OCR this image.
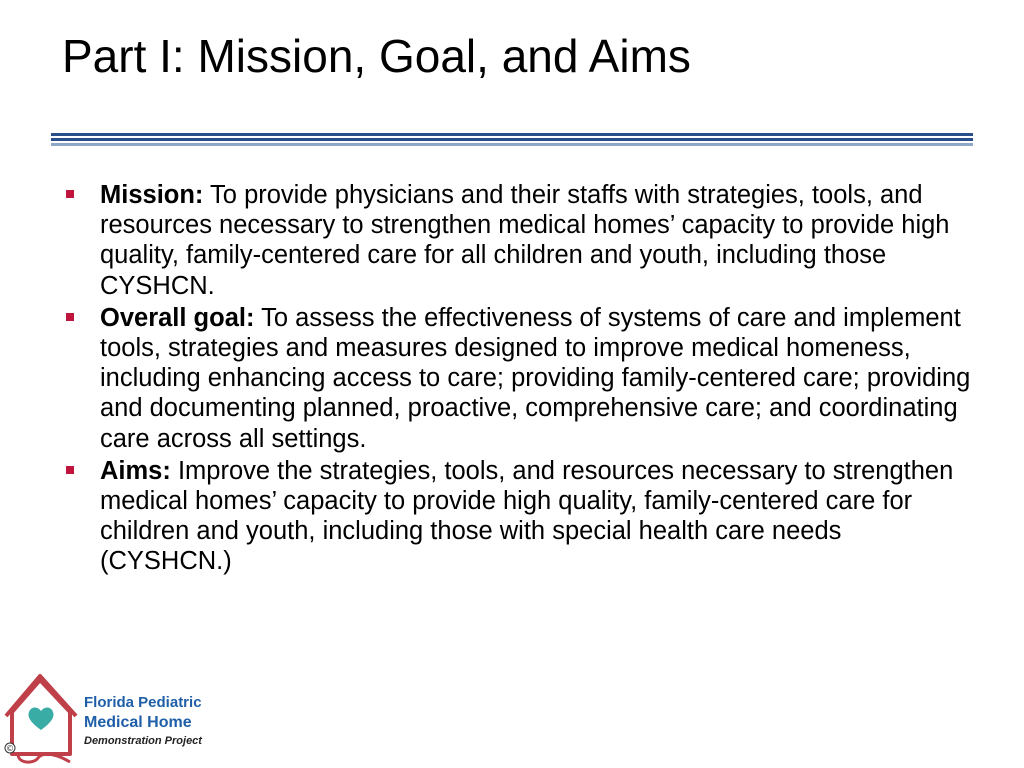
Part I: Mission, Goal, and Aims
Mission: To provide physicians and their staffs with strategies, tools, and resources necessary to strengthen medical homes’ capacity to provide high quality, family-centered care for all children and youth, including those CYSHCN.
Overall goal: To assess the effectiveness of systems of care and implement tools, strategies and measures designed to improve medical homeness, including enhancing access to care; providing family-centered care; providing and documenting planned, proactive, comprehensive care; and coordinating care across all settings.
Aims: Improve the strategies, tools, and resources necessary to strengthen medical homes’ capacity to provide high quality, family-centered care for children and youth, including those with special health care needs (CYSHCN.)
©
Florida Pediatric
Medical Home
Demonstration Project
